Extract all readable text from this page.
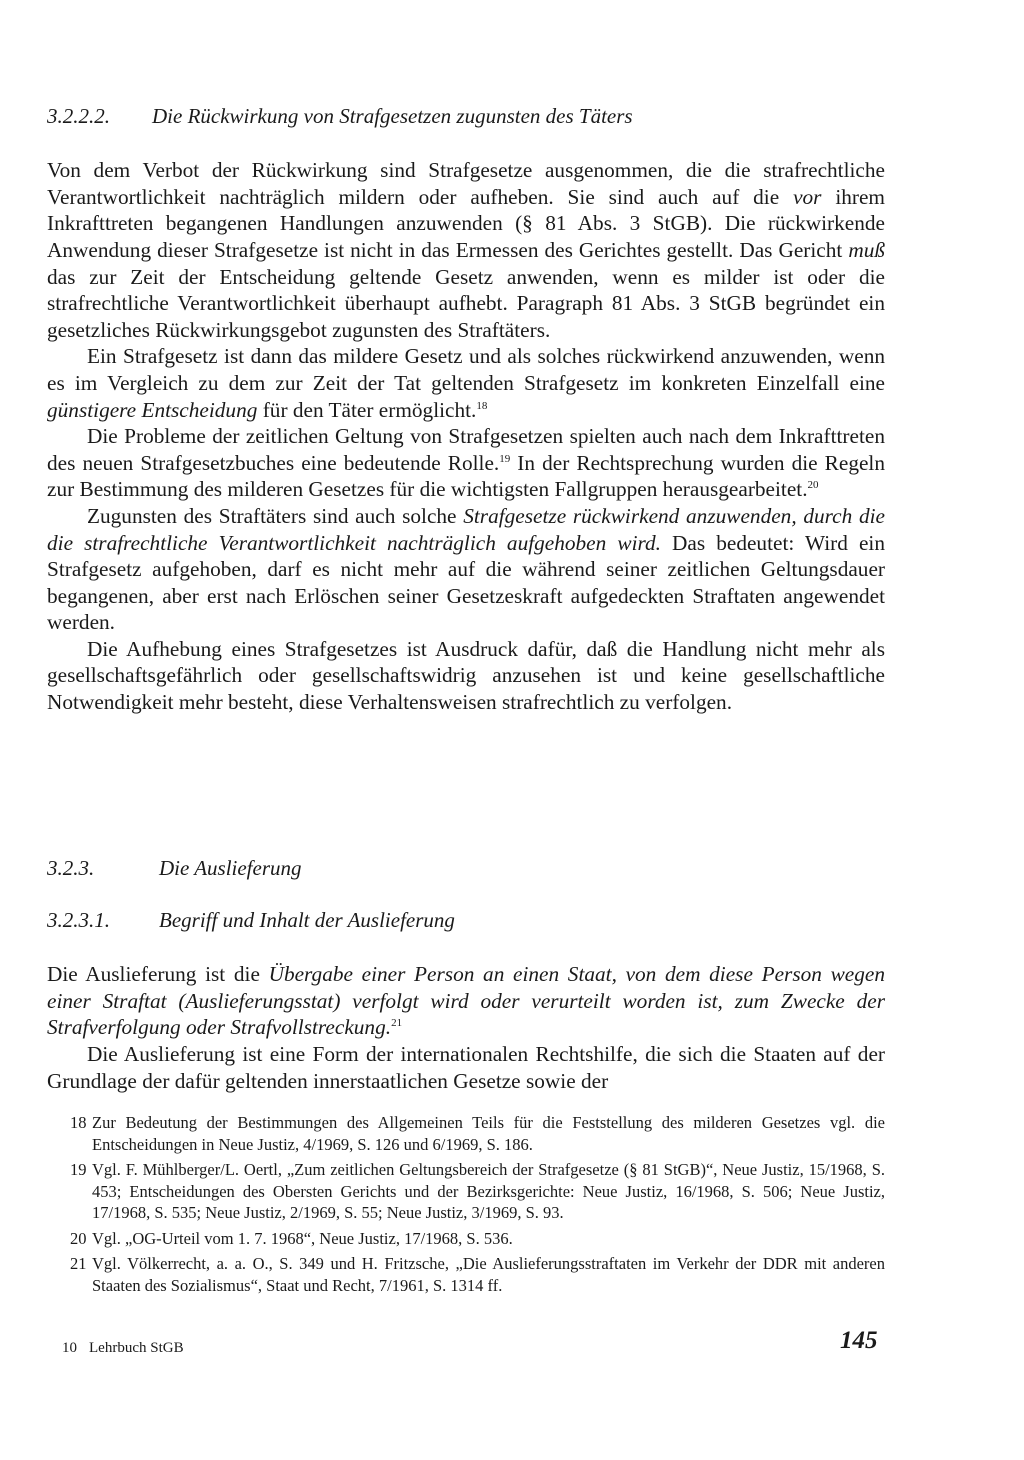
3.2.2.2. Die Rückwirkung von Strafgesetzen zugunsten des Täters

Von dem Verbot der Rückwirkung sind Strafgesetze ausgenommen, die die strafrechtliche Verantwortlichkeit nachträglich mildern oder aufheben. Sie sind auch auf die vor ihrem Inkrafttreten begangenen Handlungen anzuwenden (§ 81 Abs. 3 StGB). Die rückwirkende Anwendung dieser Strafgesetze ist nicht in das Ermessen des Gerichtes gestellt. Das Gericht muß das zur Zeit der Entscheidung geltende Gesetz anwenden, wenn es milder ist oder die strafrechtliche Verantwortlichkeit überhaupt aufhebt. Paragraph 81 Abs. 3 StGB begründet ein gesetzliches Rückwirkungsgebot zugunsten des Straftäters.

Ein Strafgesetz ist dann das mildere Gesetz und als solches rückwirkend anzuwenden, wenn es im Vergleich zu dem zur Zeit der Tat geltenden Strafgesetz im konkreten Einzelfall eine günstigere Entscheidung für den Täter ermöglicht.$^{18}$

Die Probleme der zeitlichen Geltung von Strafgesetzen spielten auch nach dem Inkrafttreten des neuen Strafgesetzbuches eine bedeutende Rolle.$^{19}$ In der Rechtsprechung wurden die Regeln zur Bestimmung des milderen Gesetzes für die wichtigsten Fallgruppen herausgearbeitet.$^{20}$

Zugunsten des Straftäters sind auch solche Strafgesetze rückwirkend anzuwenden, durch die die strafrechtliche Verantwortlichkeit nachträglich aufgehoben wird. Das bedeutet: Wird ein Strafgesetz aufgehoben, darf es nicht mehr auf die während seiner zeitlichen Geltungsdauer begangenen, aber erst nach Erlöschen seiner Gesetzeskraft aufgedeckten Straftaten angewendet werden.

Die Aufhebung eines Strafgesetzes ist Ausdruck dafür, daß die Handlung nicht mehr als gesellschaftsgefährlich oder gesellschaftswidrig anzusehen ist und keine gesellschaftliche Notwendigkeit mehr besteht, diese Verhaltensweisen strafrechtlich zu verfolgen.

3.2.3.	Die Auslieferung
3.2.3.1. Begriff und Inhalt der Auslieferung

Die Auslieferung ist die Übergabe einer Person an einen Staat, von dem diese Person wegen einer Straftat (Auslieferungsstat) verfolgt wird oder verurteilt worden ist, zum Zwecke der Strafverfolgung oder Strafvollstreckung.$^{21}$

Die Auslieferung ist eine Form der internationalen Rechtshilfe, die sich die Staaten auf der Grundlage der dafür geltenden innerstaatlichen Gesetze sowie der

18 Zur Bedeutung der Bestimmungen des Allgemeinen Teils für die Feststellung des milderen Gesetzes vgl. die Entscheidungen in Neue Justiz, 4/1969, S. 126 und 6/1969, S. 186.

19 Vgl. F. Mühlberger/L. Oertl, „Zum zeitlichen Geltungsbereich der Strafgesetze (§ 81 StGB)“, Neue Justiz, 15/1968, S. 453; Entscheidungen des Obersten Gerichts und der Bezirksgerichte: Neue Justiz, 16/1968, S. 506; Neue Justiz, 17/1968, S. 535; Neue Justiz, 2/1969, S. 55; Neue Justiz, 3/1969, S. 93.

20 Vgl. „OG-Urteil vom 1. 7. 1968“, Neue Justiz, 17/1968, S. 536.

21 Vgl. Völkerrecht, a. a. O., S. 349 und H. Fritzsche, „Die Auslieferungsstraftaten im Verkehr der DDR mit anderen Staaten des Sozialismus“, Staat und Recht, 7/1961, S. 1314 ff.

10 Lehrbuch StGB	145
